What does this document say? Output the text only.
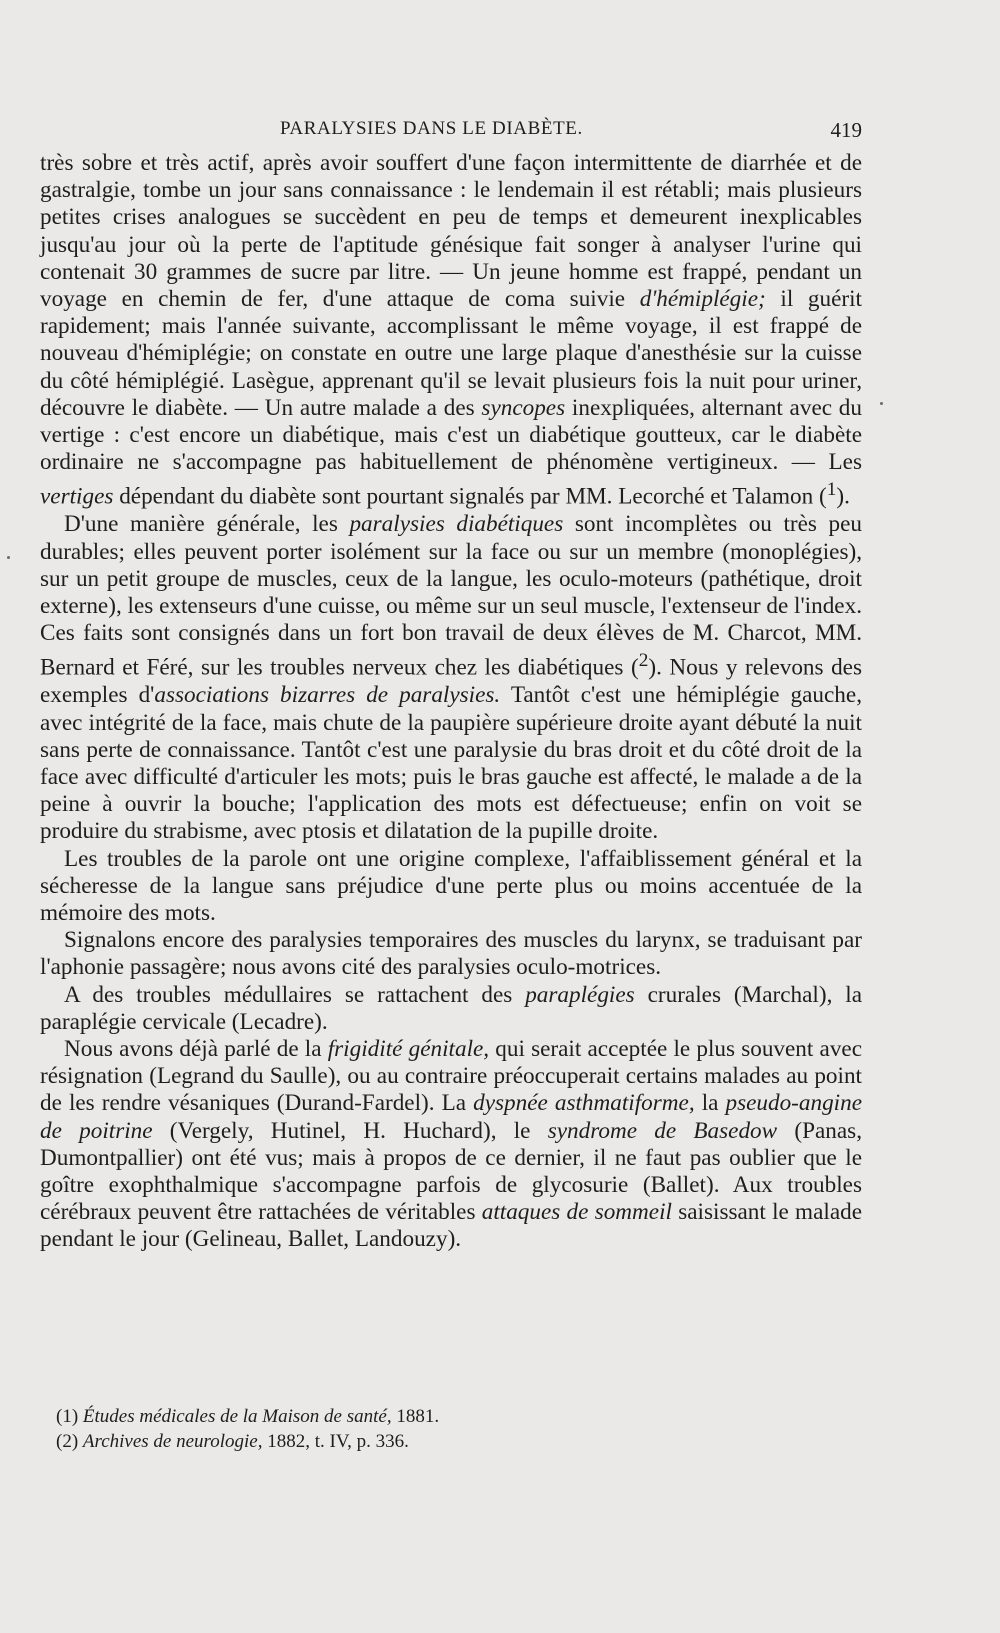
PARALYSIES DANS LE DIABÈTE.	419

très sobre et très actif, après avoir souffert d'une façon intermittente de diarrhée et de gastralgie, tombe un jour sans connaissance : le lendemain il est rétabli; mais plusieurs petites crises analogues se succèdent en peu de temps et demeurent inexplicables jusqu'au jour où la perte de l'aptitude génésique fait songer à analyser l'urine qui contenait 30 grammes de sucre par litre. — Un jeune homme est frappé, pendant un voyage en chemin de fer, d'une attaque de coma suivie d'hémiplégie; il guérit rapidement; mais l'année suivante, accomplissant le même voyage, il est frappé de nouveau d'hémiplégie; on constate en outre une large plaque d'anesthésie sur la cuisse du côté hémiplégié. Lasègue, apprenant qu'il se levait plusieurs fois la nuit pour uriner, découvre le diabète. — Un autre malade a des syncopes inexpliquées, alternant avec du vertige : c'est encore un diabétique, mais c'est un diabétique goutteux, car le diabète ordinaire ne s'accompagne pas habituellement de phénomène vertigineux. — Les vertiges dépendant du diabète sont pourtant signalés par MM. Lecorché et Talamon ($^1$).

D'une manière générale, les paralysies diabétiques sont incomplètes ou très peu durables; elles peuvent porter isolément sur la face ou sur un membre (monoplégies), sur un petit groupe de muscles, ceux de la langue, les oculo-moteurs (pathétique, droit externe), les extenseurs d'une cuisse, ou même sur un seul muscle, l'extenseur de l'index. Ces faits sont consignés dans un fort bon travail de deux élèves de M. Charcot, MM. Bernard et Féré, sur les troubles nerveux chez les diabétiques ($^2$). Nous y relevons des exemples d'associations bizarres de paralysies. Tantôt c'est une hémiplégie gauche, avec intégrité de la face, mais chute de la paupière supérieure droite ayant débuté la nuit sans perte de connaissance. Tantôt c'est une paralysie du bras droit et du côté droit de la face avec difficulté d'articuler les mots; puis le bras gauche est affecté, le malade a de la peine à ouvrir la bouche; l'application des mots est défectueuse; enfin on voit se produire du strabisme, avec ptosis et dilatation de la pupille droite.

Les troubles de la parole ont une origine complexe, l'affaiblissement général et la sécheresse de la langue sans préjudice d'une perte plus ou moins accentuée de la mémoire des mots.

Signalons encore des paralysies temporaires des muscles du larynx, se traduisant par l'aphonie passagère; nous avons cité des paralysies oculo-motrices.

A des troubles médullaires se rattachent des paraplégies crurales (Marchal), la paraplégie cervicale (Lecadre).

Nous avons déjà parlé de la frigidité génitale, qui serait acceptée le plus souvent avec résignation (Legrand du Saulle), ou au contraire préoccuperait certains malades au point de les rendre vésaniques (Durand-Fardel). La dyspnée asthmatiforme, la pseudo-angine de poitrine (Vergely, Hutinel, H. Huchard), le syndrome de Basedow (Panas, Dumontpallier) ont été vus; mais à propos de ce dernier, il ne faut pas oublier que le goître exophthalmique s'accompagne parfois de glycosurie (Ballet). Aux troubles cérébraux peuvent être rattachées de véritables attaques de sommeil saisissant le malade pendant le jour (Gelineau, Ballet, Landouzy).

(1) Études médicales de la Maison de santé, 1881.
(2) Archives de neurologie, 1882, t. IV, p. 336.
